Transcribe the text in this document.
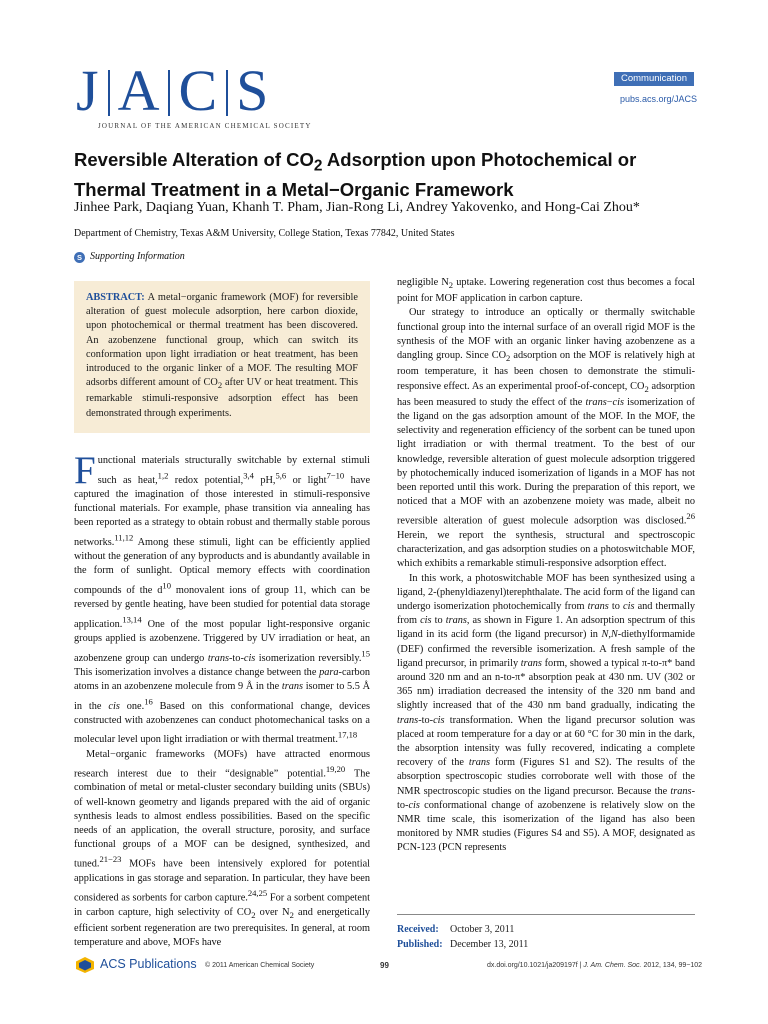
J A C S
JOURNAL OF THE AMERICAN CHEMICAL SOCIETY
Communication
pubs.acs.org/JACS
Reversible Alteration of $CO_2$ Adsorption upon Photochemical or Thermal Treatment in a Metal−Organic Framework
Jinhee Park, Daqiang Yuan, Khanh T. Pham, Jian-Rong Li, Andrey Yakovenko, and Hong-Cai Zhou*
Department of Chemistry, Texas A&M University, College Station, Texas 77842, United States
S Supporting Information
ABSTRACT: A metal−organic framework (MOF) for reversible alteration of guest molecule adsorption, here carbon dioxide, upon photochemical or thermal treatment has been discovered. An azobenzene functional group, which can switch its conformation upon light irradiation or heat treatment, has been introduced to the organic linker of a MOF. The resulting MOF adsorbs different amount of $CO_2$ after UV or heat treatment. This remarkable stimuli-responsive adsorption effect has been demonstrated through experiments.

Functional materials structurally switchable by external stimuli such as heat,$^{1,2}$ redox potential,$^{3,4}$ pH,$^{5,6}$ or light$^{7-10}$ have captured the imagination of those interested in stimuli-responsive functional materials. For example, phase transition via annealing has been reported as a strategy to obtain robust and thermally stable porous networks.$^{11,12}$ Among these stimuli, light can be efficiently applied without the generation of any byproducts and is abundantly available in the form of sunlight. Optical memory effects with coordination compounds of the $d^{10}$ monovalent ions of group 11, which can be reversed by gentle heating, have been studied for potential data storage application.$^{13,14}$ One of the most popular light-responsive organic groups applied is azobenzene. Triggered by UV irradiation or heat, an azobenzene group can undergo trans-to-cis isomerization reversibly.$^{15}$ This isomerization involves a distance change between the para-carbon atoms in an azobenzene molecule from 9 Å in the trans isomer to 5.5 Å in the cis one.$^{16}$ Based on this conformational change, devices constructed with azobenzenes can conduct photomechanical tasks on a molecular level upon light irradiation or with thermal treatment.$^{17,18}$

Metal−organic frameworks (MOFs) have attracted enormous research interest due to their “designable” potential.$^{19,20}$ The combination of metal or metal-cluster secondary building units (SBUs) of well-known geometry and ligands prepared with the aid of organic synthesis leads to almost endless possibilities. Based on the specific needs of an application, the overall structure, porosity, and surface functional groups of a MOF can be designed, synthesized, and tuned.$^{21-23}$ MOFs have been intensively explored for potential applications in gas storage and separation. In particular, they have been considered as sorbents for carbon capture.$^{24,25}$ For a sorbent competent in carbon capture, high selectivity of $CO_2$ over $N_2$ and energetically efficient sorbent regeneration are two prerequisites. In general, at room temperature and above, MOFs have

negligible $N_2$ uptake. Lowering regeneration cost thus becomes a focal point for MOF application in carbon capture.

Our strategy to introduce an optically or thermally switchable functional group into the internal surface of an overall rigid MOF is the synthesis of the MOF with an organic linker having azobenzene as a dangling group. Since $CO_2$ adsorption on the MOF is relatively high at room temperature, it has been chosen to demonstrate the stimuli-responsive effect. As an experimental proof-of-concept, $CO_2$ adsorption has been measured to study the effect of the trans−cis isomerization of the ligand on the gas adsorption amount of the MOF. In the MOF, the selectivity and regeneration efficiency of the sorbent can be tuned upon light irradiation or with thermal treatment. To the best of our knowledge, reversible alteration of guest molecule adsorption triggered by photochemically induced isomerization of ligands in a MOF has not been reported until this work. During the preparation of this report, we noticed that a MOF with an azobenzene moiety was made, albeit no reversible alteration of guest molecule adsorption was disclosed.$^{26}$ Herein, we report the synthesis, structural and spectroscopic characterization, and gas adsorption studies on a photoswitchable MOF, which exhibits a remarkable stimuli-responsive adsorption effect.

In this work, a photoswitchable MOF has been synthesized using a ligand, 2-(phenyldiazenyl)terephthalate. The acid form of the ligand can undergo isomerization photochemically from trans to cis and thermally from cis to trans, as shown in Figure 1. An adsorption spectrum of this ligand in its acid form (the ligand precursor) in N,N-diethylformamide (DEF) confirmed the reversible isomerization. A fresh sample of the ligand precursor, in primarily trans form, showed a typical π-to-π* band around 320 nm and an n-to-π* absorption peak at 430 nm. UV (302 or 365 nm) irradiation decreased the intensity of the 320 nm band and slightly increased that of the 430 nm band gradually, indicating the trans-to-cis transformation. When the ligand precursor solution was placed at room temperature for a day or at 60 °C for 30 min in the dark, the absorption intensity was fully recovered, indicating a complete recovery of the trans form (Figures S1 and S2). The results of the absorption spectroscopic studies corroborate well with those of the NMR spectroscopic studies on the ligand precursor. Because the trans-to-cis conformational change of azobenzene is relatively slow on the NMR time scale, this isomerization of the ligand has also been monitored by NMR studies (Figures S4 and S5). A MOF, designated as PCN-123 (PCN represents

Received: October 3, 2011
Published: December 13, 2011
ACS Publications © 2011 American Chemical Society	99	dx.doi.org/10.1021/ja209197f | J. Am. Chem. Soc. 2012, 134, 99−102
